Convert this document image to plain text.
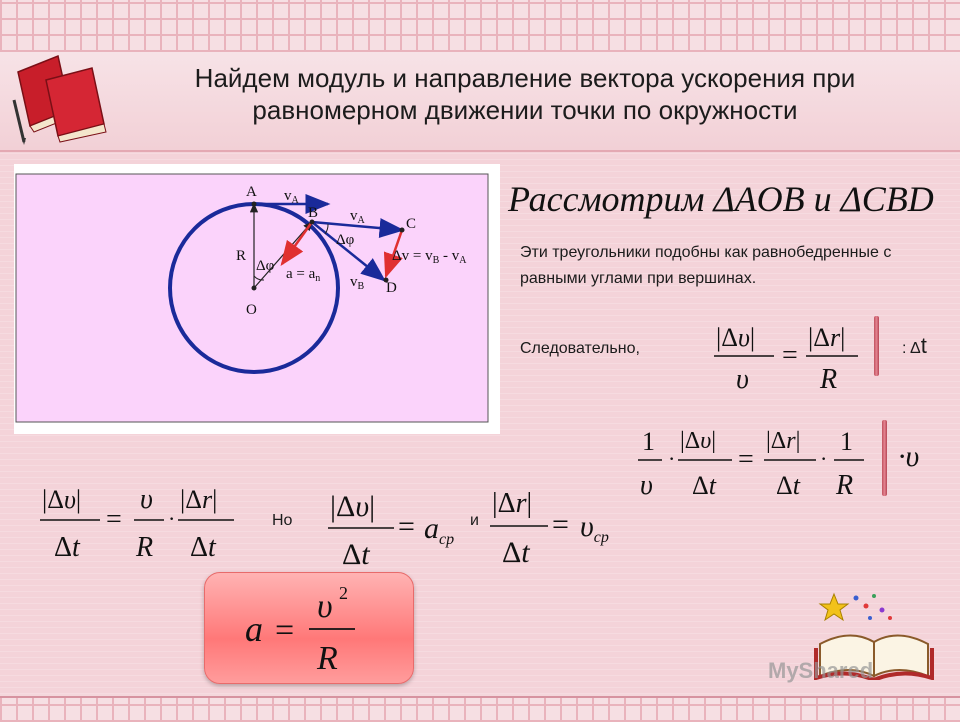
Найдем модуль и направление вектора ускорения при
равномерном движении точки по окружности
A
B
C
D
O
R
Δφ
Δφ
$v_A$
$v_A$
$v_B$
$a = a_n$
$\Delta v = v_B - v_A$
Рассмотрим ΔAOB и ΔCBD
Эти треугольники подобны как равнобедренные с равными углами при вершинах.
Следовательно,	|Δυ|
υ
=
|Δr|
R
: Δt
1
υ
·
|Δυ|
Δt
=
|Δr|
Δt
·
1
R
·υ
|Δυ|
Δt
=
υ
R
·
|Δr|
Δt
Но |Δυ|
Δt
= $a_{ср}$
и
|Δr|
Δt
= $\upsilon_{ср}$
a =
υ 2
R	MyShared
